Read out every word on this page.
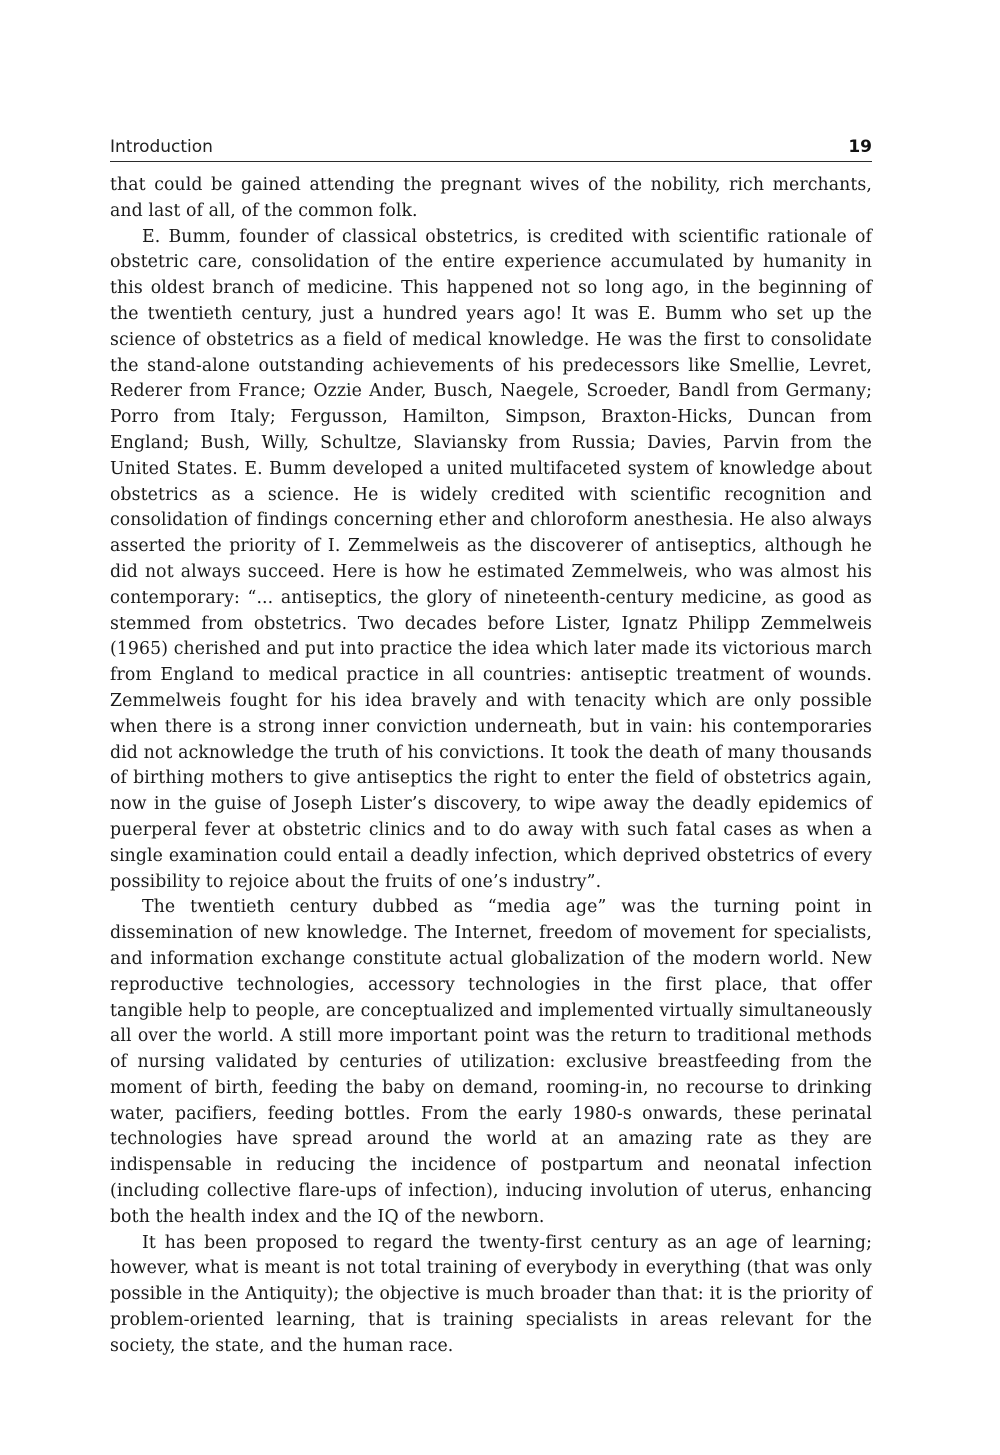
Introduction	19

that could be gained attending the pregnant wives of the nobility, rich merchants, and last of all, of the common folk.

E. Bumm, founder of classical obstetrics, is credited with scientific rationale of obstetric care, consolidation of the entire experience accumulated by humanity in this oldest branch of medicine. This happened not so long ago, in the beginning of the twentieth century, just a hundred years ago! It was E. Bumm who set up the science of obstetrics as a field of medical knowledge. He was the first to consolidate the stand-alone outstanding achievements of his predecessors like Smellie, Levret, Rederer from France; Ozzie Ander, Busch, Naegele, Scroeder, Bandl from Germany; Porro from Italy; Fergusson, Hamilton, Simpson, Braxton-Hicks, Duncan from England; Bush, Willy, Schultze, Slaviansky from Russia; Davies, Parvin from the United States. E. Bumm developed a united multifaceted system of knowledge about obstetrics as a science. He is widely credited with scientific recognition and consolidation of findings concerning ether and chloroform anesthesia. He also always asserted the priority of I. Zemmelweis as the discoverer of antiseptics, although he did not always succeed. Here is how he estimated Zemmelweis, who was almost his contemporary: “... antiseptics, the glory of nineteenth-century medicine, as good as stemmed from obstetrics. Two decades before Lister, Ignatz Philipp Zemmelweis (1965) cherished and put into practice the idea which later made its victorious march from England to medical practice in all countries: antiseptic treatment of wounds. Zemmelweis fought for his idea bravely and with tenacity which are only possible when there is a strong inner conviction underneath, but in vain: his contemporaries did not acknowledge the truth of his convictions. It took the death of many thousands of birthing mothers to give antiseptics the right to enter the field of obstetrics again, now in the guise of Joseph Lister’s discovery, to wipe away the deadly epidemics of puerperal fever at obstetric clinics and to do away with such fatal cases as when a single examination could entail a deadly infection, which deprived obstetrics of every possibility to rejoice about the fruits of one’s industry”.

The twentieth century dubbed as “media age” was the turning point in dissemination of new knowledge. The Internet, freedom of movement for specialists, and information exchange constitute actual globalization of the modern world. New reproductive technologies, accessory technologies in the first place, that offer tangible help to people, are conceptualized and implemented virtually simultaneously all over the world. A still more important point was the return to traditional methods of nursing validated by centuries of utilization: exclusive breastfeeding from the moment of birth, feeding the baby on demand, rooming-in, no recourse to drinking water, pacifiers, feeding bottles. From the early 1980-s onwards, these perinatal technologies have spread around the world at an amazing rate as they are indispensable in reducing the incidence of postpartum and neonatal infection (including collective flare-ups of infection), inducing involution of uterus, enhancing both the health index and the IQ of the newborn.

It has been proposed to regard the twenty-first century as an age of learning; however, what is meant is not total training of everybody in everything (that was only possible in the Antiquity); the objective is much broader than that: it is the priority of problem-oriented learning, that is training specialists in areas relevant for the society, the state, and the human race.
